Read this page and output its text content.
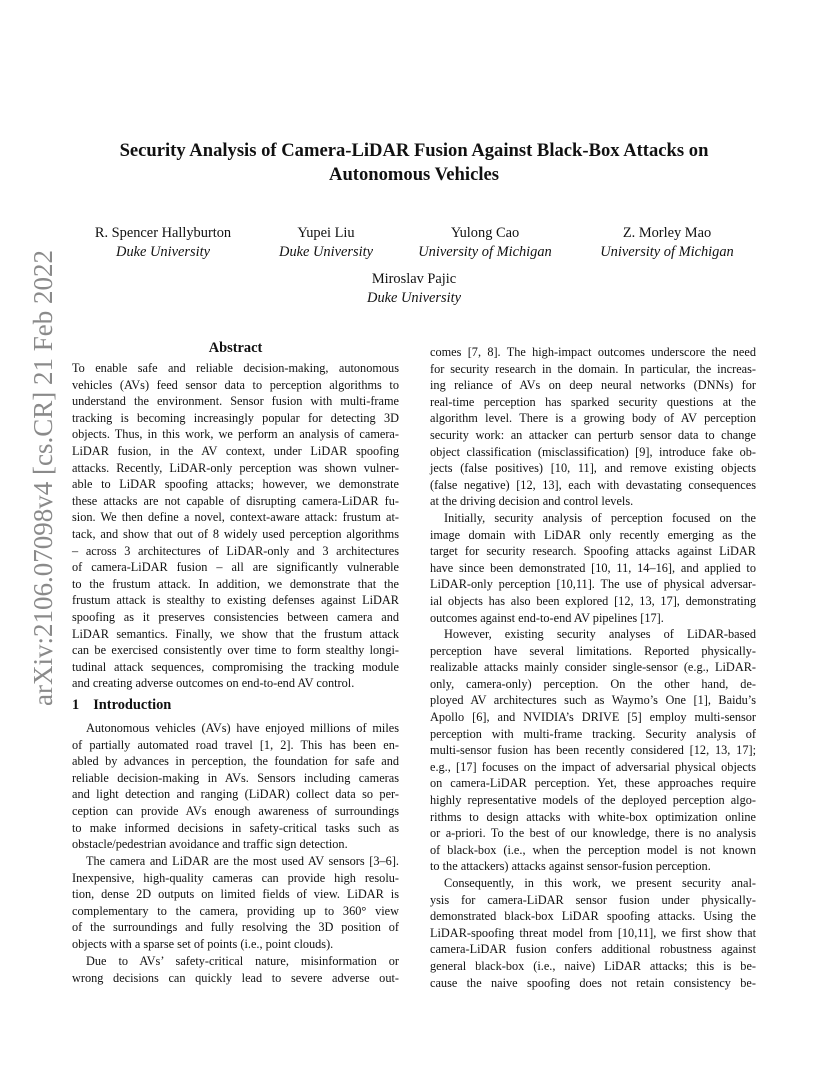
arXiv:2106.07098v4 [cs.CR] 21 Feb 2022
Security Analysis of Camera-LiDAR Fusion Against Black-Box Attacks on
Autonomous Vehicles
R. Spencer Hallyburton
Duke University
Yupei Liu
Duke University
Yulong Cao
University of Michigan
Z. Morley Mao
University of Michigan
Miroslav Pajic
Duke University
Abstract
To enable safe and reliable decision-making, autonomous
vehicles (AVs) feed sensor data to perception algorithms to
understand the environment. Sensor fusion with multi-frame
tracking is becoming increasingly popular for detecting 3D
objects. Thus, in this work, we perform an analysis of camera-
LiDAR fusion, in the AV context, under LiDAR spoofing
attacks. Recently, LiDAR-only perception was shown vulner-
able to LiDAR spoofing attacks; however, we demonstrate
these attacks are not capable of disrupting camera-LiDAR fu-
sion. We then define a novel, context-aware attack: frustum at-
tack, and show that out of 8 widely used perception algorithms
– across 3 architectures of LiDAR-only and 3 architectures
of camera-LiDAR fusion – all are significantly vulnerable
to the frustum attack. In addition, we demonstrate that the
frustum attack is stealthy to existing defenses against LiDAR
spoofing as it preserves consistencies between camera and
LiDAR semantics. Finally, we show that the frustum attack
can be exercised consistently over time to form stealthy longi-
tudinal attack sequences, compromising the tracking module
and creating adverse outcomes on end-to-end AV control.
1 Introduction
Autonomous vehicles (AVs) have enjoyed millions of miles
of partially automated road travel [1, 2]. This has been en-
abled by advances in perception, the foundation for safe and
reliable decision-making in AVs. Sensors including cameras
and light detection and ranging (LiDAR) collect data so per-
ception can provide AVs enough awareness of surroundings
to make informed decisions in safety-critical tasks such as
obstacle/pedestrian avoidance and traffic sign detection.
The camera and LiDAR are the most used AV sensors [3–6].
Inexpensive, high-quality cameras can provide high resolu-
tion, dense 2D outputs on limited fields of view. LiDAR is
complementary to the camera, providing up to 360° view
of the surroundings and fully resolving the 3D position of
objects with a sparse set of points (i.e., point clouds).
Due to AVs’ safety-critical nature, misinformation or
wrong decisions can quickly lead to severe adverse out-
comes [7, 8]. The high-impact outcomes underscore the need
for security research in the domain. In particular, the increas-
ing reliance of AVs on deep neural networks (DNNs) for
real-time perception has sparked security questions at the
algorithm level. There is a growing body of AV perception
security work: an attacker can perturb sensor data to change
object classification (misclassification) [9], introduce fake ob-
jects (false positives) [10, 11], and remove existing objects
(false negative) [12, 13], each with devastating consequences
at the driving decision and control levels.
Initially, security analysis of perception focused on the
image domain with LiDAR only recently emerging as the
target for security research. Spoofing attacks against LiDAR
have since been demonstrated [10, 11, 14–16], and applied to
LiDAR-only perception [10,11]. The use of physical adversar-
ial objects has also been explored [12, 13, 17], demonstrating
outcomes against end-to-end AV pipelines [17].
However, existing security analyses of LiDAR-based
perception have several limitations. Reported physically-
realizable attacks mainly consider single-sensor (e.g., LiDAR-
only, camera-only) perception. On the other hand, de-
ployed AV architectures such as Waymo’s One [1], Baidu’s
Apollo [6], and NVIDIA’s DRIVE [5] employ multi-sensor
perception with multi-frame tracking. Security analysis of
multi-sensor fusion has been recently considered [12, 13, 17];
e.g., [17] focuses on the impact of adversarial physical objects
on camera-LiDAR perception. Yet, these approaches require
highly representative models of the deployed perception algo-
rithms to design attacks with white-box optimization online
or a-priori. To the best of our knowledge, there is no analysis
of black-box (i.e., when the perception model is not known
to the attackers) attacks against sensor-fusion perception.
Consequently, in this work, we present security anal-
ysis for camera-LiDAR sensor fusion under physically-
demonstrated black-box LiDAR spoofing attacks. Using the
LiDAR-spoofing threat model from [10,11], we first show that
camera-LiDAR fusion confers additional robustness against
general black-box (i.e., naive) LiDAR attacks; this is be-
cause the naive spoofing does not retain consistency be-
